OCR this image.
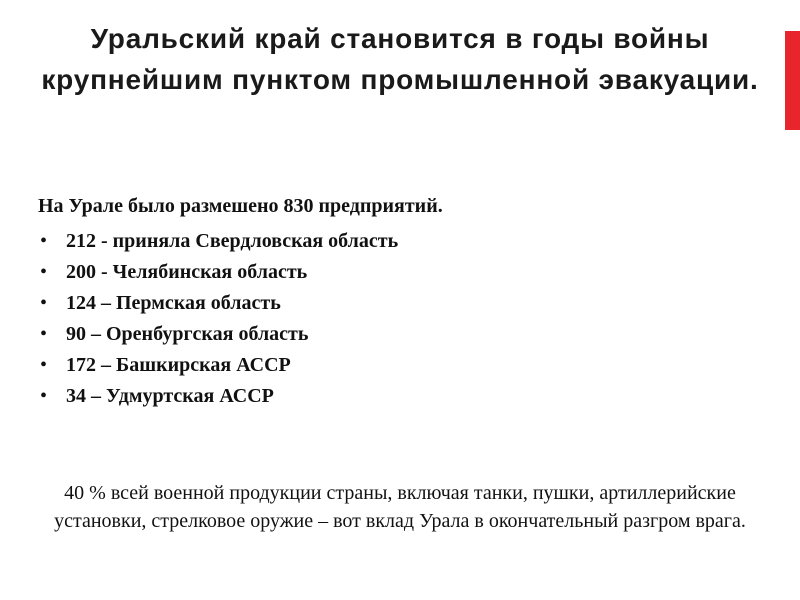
Уральский край становится в годы войны крупнейшим пунктом промышленной эвакуации.

На Урале было размешено 830 предприятий.

• 212 - приняла Свердловская область
• 200 - Челябинская область
• 124 – Пермская область
• 90 – Оренбургская область
• 172 – Башкирская АССР
• 34 – Удмуртская АССР

40 % всей военной продукции страны, включая танки, пушки, артиллерийские установки, стрелковое оружие – вот вклад Урала в окончательный разгром врага.
